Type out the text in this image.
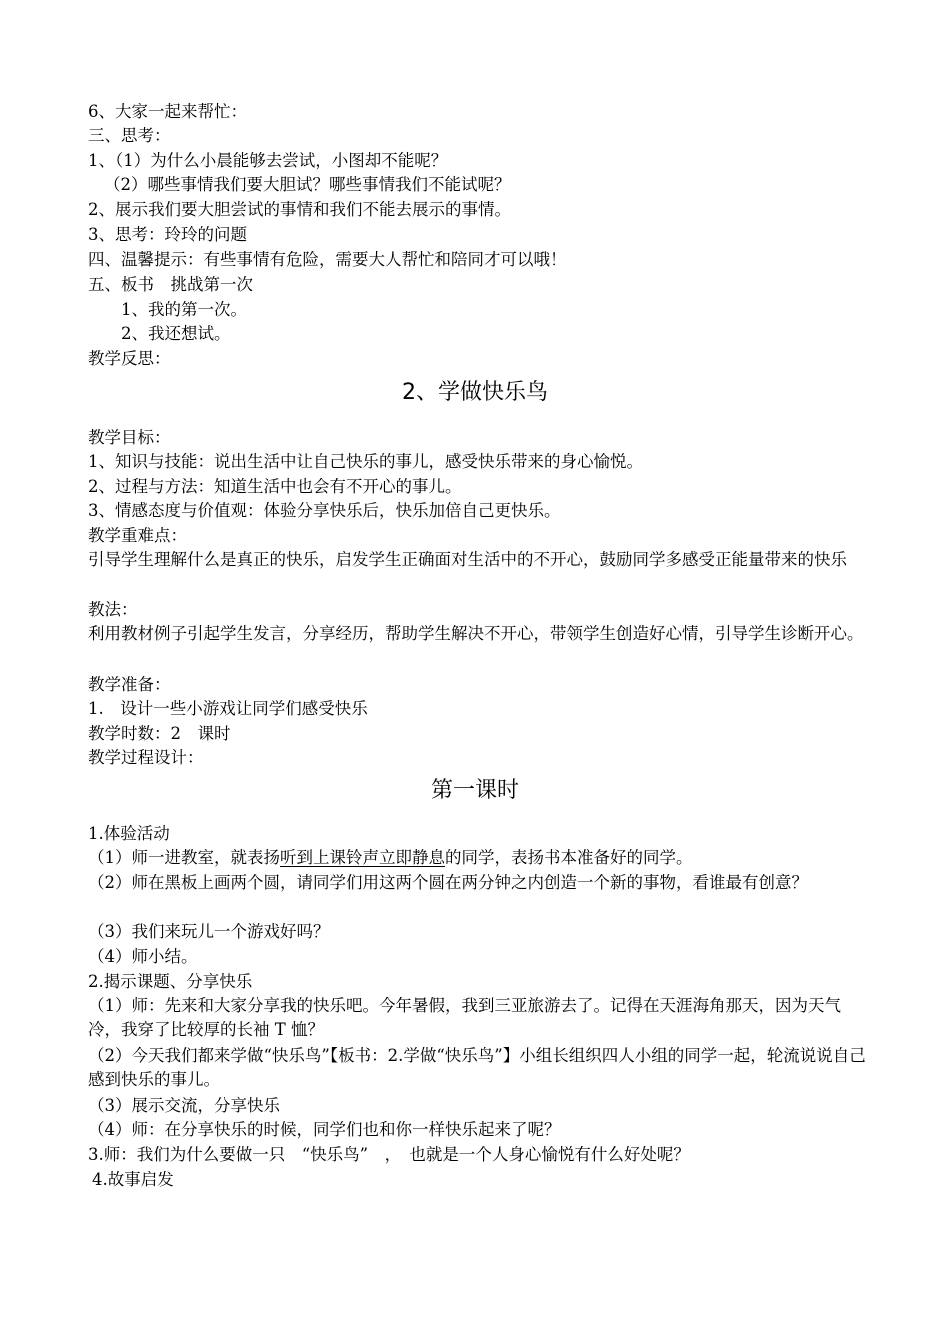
6、大家一起来帮忙：
三、思考：
1、（1）为什么小晨能够去尝试，小图却不能呢？
（2）哪些事情我们要大胆试？哪些事情我们不能试呢？
2、展示我们要大胆尝试的事情和我们不能去展示的事情。
3、思考：玲玲的问题
四、温馨提示：有些事情有危险，需要大人帮忙和陪同才可以哦！
五、板书　挑战第一次
1、我的第一次。
2、我还想试。
教学反思：
2、学做快乐鸟
教学目标：
1、知识与技能：说出生活中让自己快乐的事儿，感受快乐带来的身心愉悦。
2、过程与方法：知道生活中也会有不开心的事儿。
3、情感态度与价值观：体验分享快乐后，快乐加倍自己更快乐。
教学重难点：
引导学生理解什么是真正的快乐，启发学生正确面对生活中的不开心，鼓励同学多感受正能量带来的快乐
教法：
利用教材例子引起学生发言，分享经历，帮助学生解决不开心，带领学生创造好心情，引导学生诊断开心。
教学准备：
1.　设计一些小游戏让同学们感受快乐
教学时数：2　课时
教学过程设计：
第一课时
1.体验活动
（1）师一进教室，就表扬听到上课铃声立即静息的同学，表扬书本准备好的同学。
（2）师在黑板上画两个圆，请同学们用这两个圆在两分钟之内创造一个新的事物，看谁最有创意？
（3）我们来玩儿一个游戏好吗？
（4）师小结。
2.揭示课题、分享快乐
（1）师：先来和大家分享我的快乐吧。今年暑假，我到三亚旅游去了。记得在天涯海角那天，因为天气冷，我穿了比较厚的长袖 T 恤？
（2）今天我们都来学做“快乐鸟”【板书：2.学做“快乐鸟”】小组长组织四人小组的同学一起，轮流说说自己感到快乐的事儿。
（3）展示交流，分享快乐
（4）师：在分享快乐的时候，同学们也和你一样快乐起来了呢？
3.师：我们为什么要做一只　“快乐鸟”　，　也就是一个人身心愉悦有什么好处呢？
4.故事启发
